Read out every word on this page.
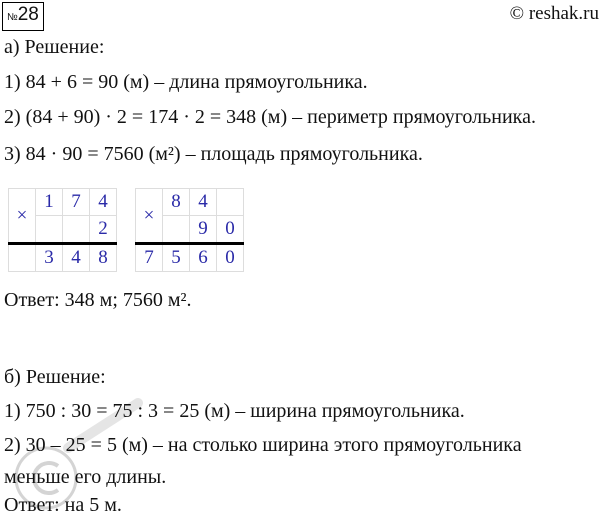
№28	© reshak.ru
а) Решение:
1) 84 + 6 = 90 (м) – длина прямоугольника.
2) (84 + 90) · 2 = 174 · 2 = 348 (м) – периметр прямоугольника.
3) 84 · 90 = 7560 (м²) – площадь прямоугольника.
×	1	7	4
			2
	3	4	8
×	8	4	
		9	0
7	5	6	0
Ответ: 348 м; 7560 м².
б) Решение:
1) 750 : 30 = 75 : 3 = 25 (м) – ширина прямоугольника.
2) 30 – 25 = 5 (м) – на столько ширина этого прямоугольника
меньше его длины.
Ответ: на 5 м.
